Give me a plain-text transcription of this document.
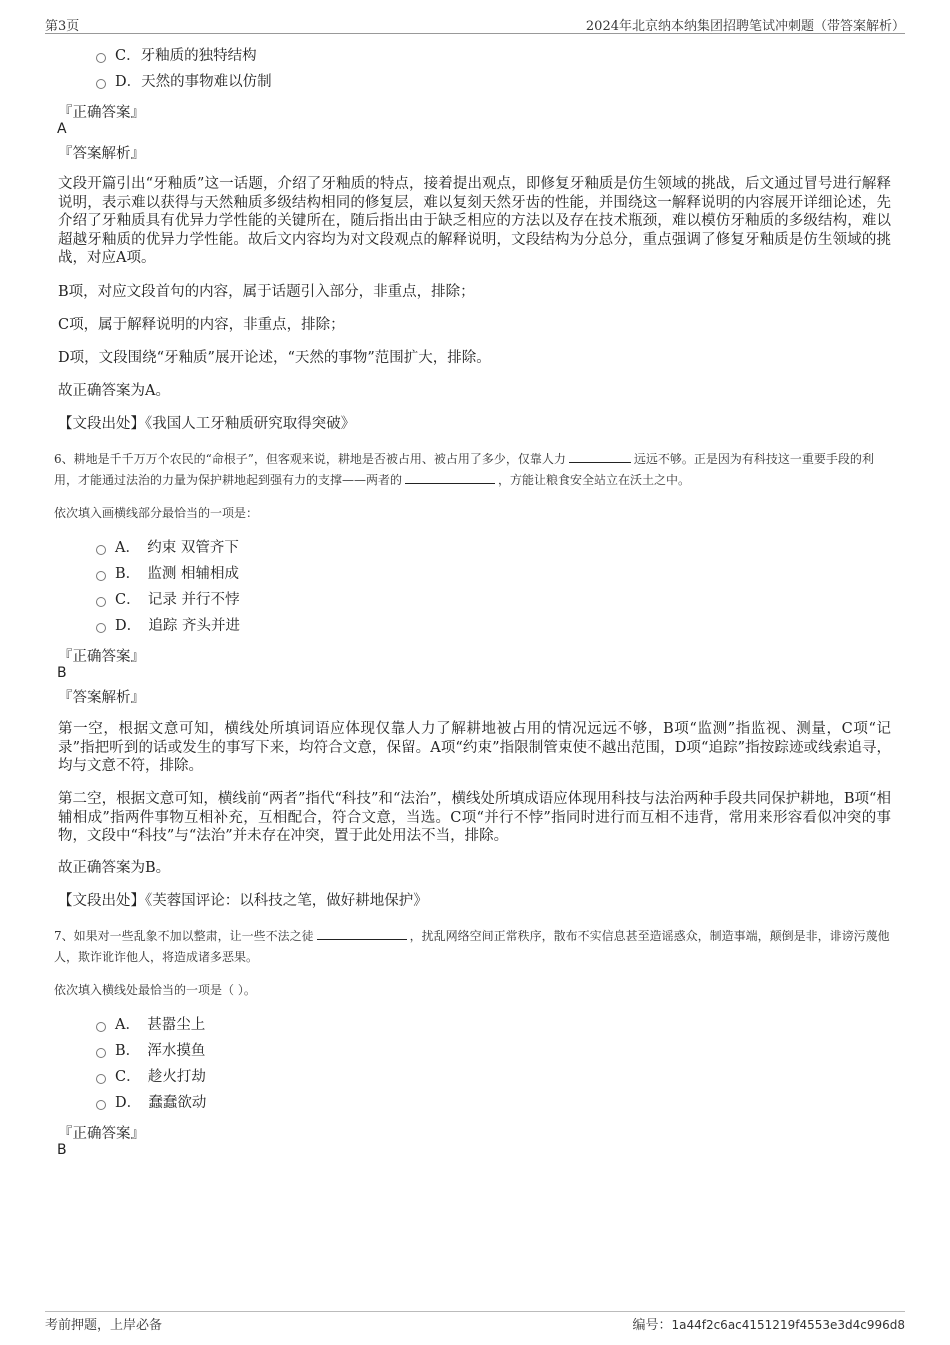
第3页	2024年北京纳本纳集团招聘笔试冲刺题（带答案解析）
C．牙釉质的独特结构
D．天然的事物难以仿制
『正确答案』
A
『答案解析』
文段开篇引出“牙釉质”这一话题，介绍了牙釉质的特点，接着提出观点，即修复牙釉质是仿生领域的挑战，后文通过冒号进行解释说明，表示难以获得与天然釉质多级结构相同的修复层，难以复刻天然牙齿的性能，并围绕这一解释说明的内容展开详细论述，先介绍了牙釉质具有优异力学性能的关键所在，随后指出由于缺乏相应的方法以及存在技术瓶颈，难以模仿牙釉质的多级结构，难以超越牙釉质的优异力学性能。故后文内容均为对文段观点的解释说明，文段结构为分总分，重点强调了修复牙釉质是仿生领域的挑战，对应A项。
B项，对应文段首句的内容，属于话题引入部分，非重点，排除；
C项，属于解释说明的内容，非重点，排除；
D项，文段围绕“牙釉质”展开论述，“天然的事物”范围扩大，排除。
故正确答案为A。
【文段出处】《我国人工牙釉质研究取得突破》
6、耕地是千千万万个农民的“命根子”，但客观来说，耕地是否被占用、被占用了多少，仅靠人力	远远不够。正是因为有科技这一重要手段的利用，才能通过法治的力量为保护耕地起到强有力的支撑——两者的	，方能让粮食安全站立在沃土之中。
依次填入画横线部分最恰当的一项是：
A．　约束 双管齐下
B．　监测 相辅相成
C．　记录 并行不悖
D．　追踪 齐头并进
『正确答案』
B
『答案解析』
第一空，根据文意可知，横线处所填词语应体现仅靠人力了解耕地被占用的情况远远不够，B项“监测”指监视、测量，C项“记录”指把听到的话或发生的事写下来，均符合文意，保留。A项“约束”指限制管束使不越出范围，D项“追踪”指按踪迹或线索追寻，均与文意不符，排除。
第二空，根据文意可知，横线前“两者”指代“科技”和“法治”，横线处所填成语应体现用科技与法治两种手段共同保护耕地，B项“相辅相成”指两件事物互相补充，互相配合，符合文意，当选。C项“并行不悖”指同时进行而互相不违背，常用来形容看似冲突的事物，文段中“科技”与“法治”并未存在冲突，置于此处用法不当，排除。
故正确答案为B。
【文段出处】《芙蓉国评论：以科技之笔，做好耕地保护》
7、如果对一些乱象不加以整肃，让一些不法之徒	，扰乱网络空间正常秩序，散布不实信息甚至造谣惑众，制造事端，颠倒是非，诽谤污蔑他人，欺诈讹诈他人，将造成诸多恶果。
依次填入横线处最恰当的一项是（ ）。
A．　甚嚣尘上
B．　浑水摸鱼
C．　趁火打劫
D．　蠢蠢欲动
『正确答案』
B
考前押题，上岸必备	编号：1a44f2c6ac4151219f4553e3d4c996d8
